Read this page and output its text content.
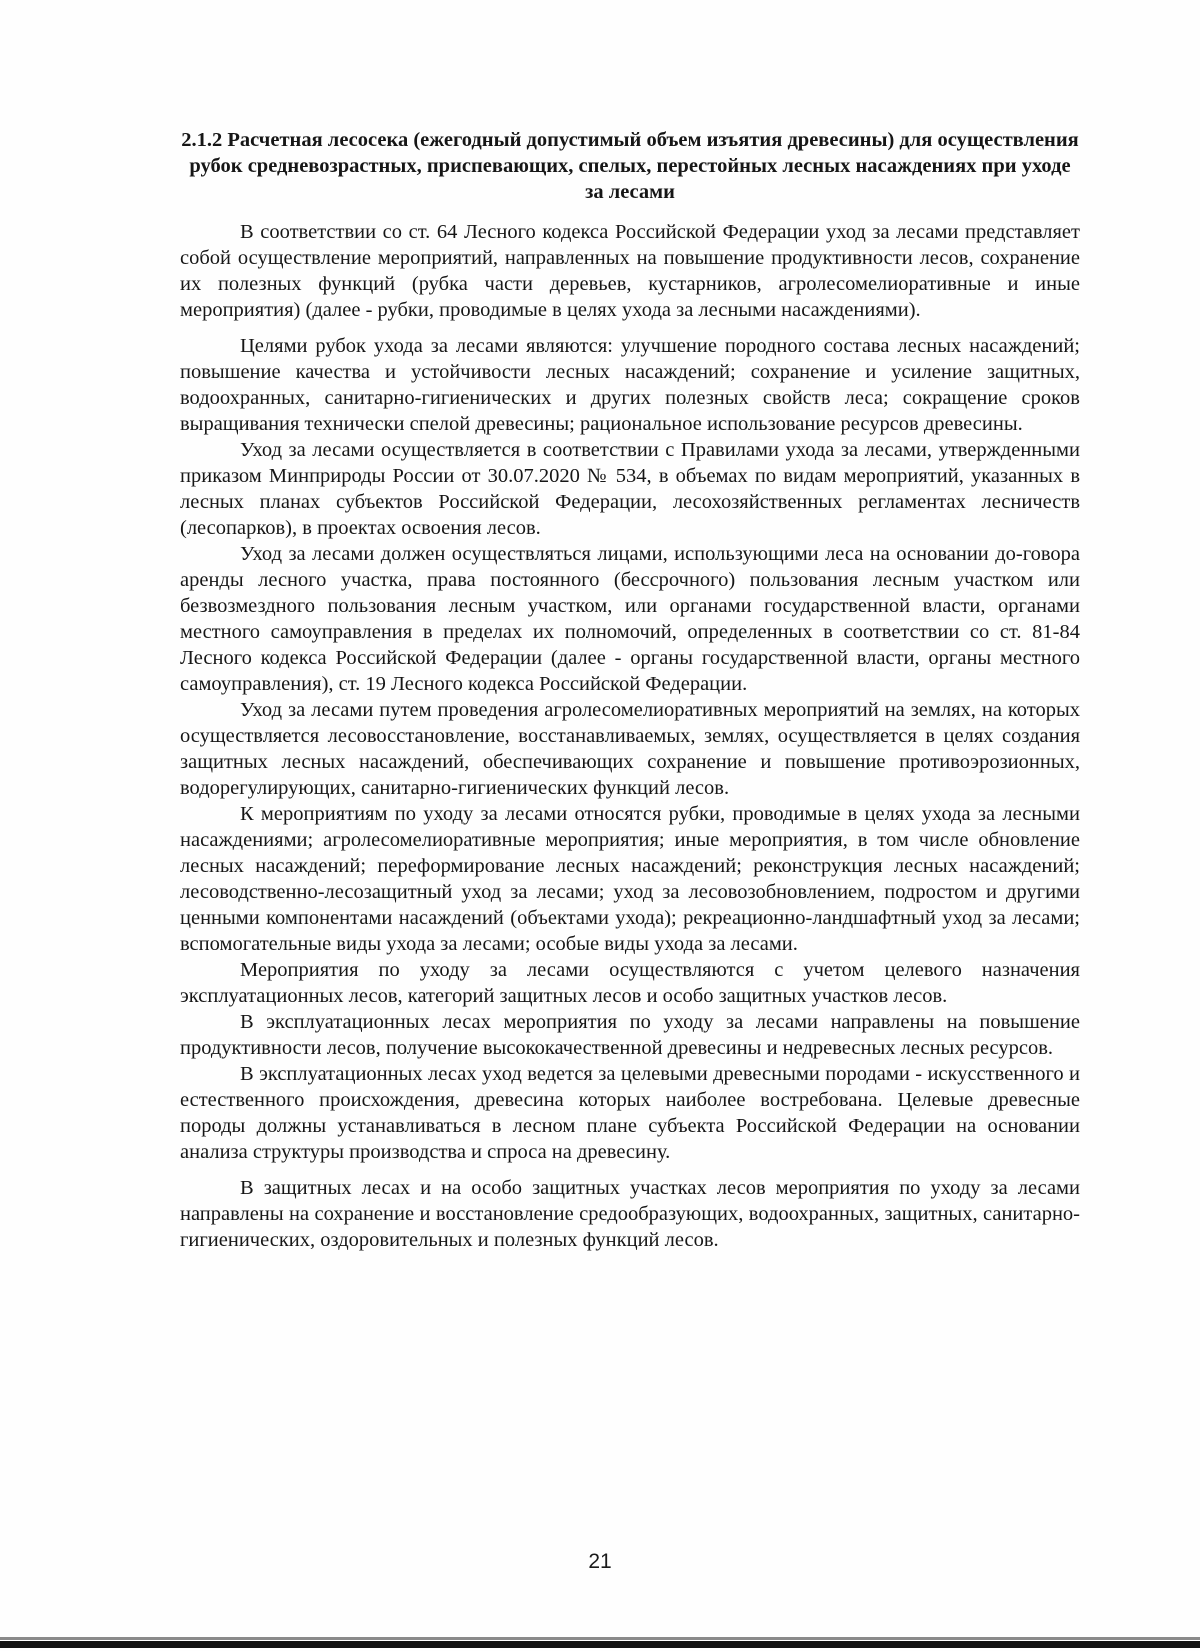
2.1.2 Расчетная лесосека (ежегодный допустимый объем изъятия древесины) для осуществления рубок средневозрастных, приспевающих, спелых, перестойных лесных насаждениях при уходе за лесами

В соответствии со ст. 64 Лесного кодекса Российской Федерации уход за лесами представляет собой осуществление мероприятий, направленных на повышение продуктивности лесов, сохранение их полезных функций (рубка части деревьев, кустарников, агролесомелиоративные и иные мероприятия) (далее - рубки, проводимые в целях ухода за лесными насаждениями).

Целями рубок ухода за лесами являются: улучшение породного состава лесных насаждений; повышение качества и устойчивости лесных насаждений; сохранение и усиление защитных, водоохранных, санитарно-гигиенических и других полезных свойств леса; сокращение сроков выращивания технически спелой древесины; рациональное использование ресурсов древесины.

Уход за лесами осуществляется в соответствии с Правилами ухода за лесами, утвержденными приказом Минприроды России от 30.07.2020 № 534, в объемах по видам мероприятий, указанных в лесных планах субъектов Российской Федерации, лесохозяйственных регламентах лесничеств (лесопарков), в проектах освоения лесов.

Уход за лесами должен осуществляться лицами, использующими леса на основании до-говора аренды лесного участка, права постоянного (бессрочного) пользования лесным участком или безвозмездного пользования лесным участком, или органами государственной власти, органами местного самоуправления в пределах их полномочий, определенных в соответствии со ст. 81-84 Лесного кодекса Российской Федерации (далее - органы государственной власти, органы местного самоуправления), ст. 19 Лесного кодекса Российской Федерации.

Уход за лесами путем проведения агролесомелиоративных мероприятий на землях, на которых осуществляется лесовосстановление, восстанавливаемых, землях, осуществляется в целях создания защитных лесных насаждений, обеспечивающих сохранение и повышение противоэрозионных, водорегулирующих, санитарно-гигиенических функций лесов.

К мероприятиям по уходу за лесами относятся рубки, проводимые в целях ухода за лесными насаждениями; агролесомелиоративные мероприятия; иные мероприятия, в том числе обновление лесных насаждений; переформирование лесных насаждений; реконструкция лесных насаждений; лесоводственно-лесозащитный уход за лесами; уход за лесовозобновлением, подростом и другими ценными компонентами насаждений (объектами ухода); рекреационно-ландшафтный уход за лесами; вспомогательные виды ухода за лесами; особые виды ухода за лесами.

Мероприятия по уходу за лесами осуществляются с учетом целевого назначения эксплуатационных лесов, категорий защитных лесов и особо защитных участков лесов.

В эксплуатационных лесах мероприятия по уходу за лесами направлены на повышение продуктивности лесов, получение высококачественной древесины и недревесных лесных ресурсов.

В эксплуатационных лесах уход ведется за целевыми древесными породами - искусственного и естественного происхождения, древесина которых наиболее востребована. Целевые древесные породы должны устанавливаться в лесном плане субъекта Российской Федерации на основании анализа структуры производства и спроса на древесину.

В защитных лесах и на особо защитных участках лесов мероприятия по уходу за лесами направлены на сохранение и восстановление средообразующих, водоохранных, защитных, санитарно-гигиенических, оздоровительных и полезных функций лесов.

21
